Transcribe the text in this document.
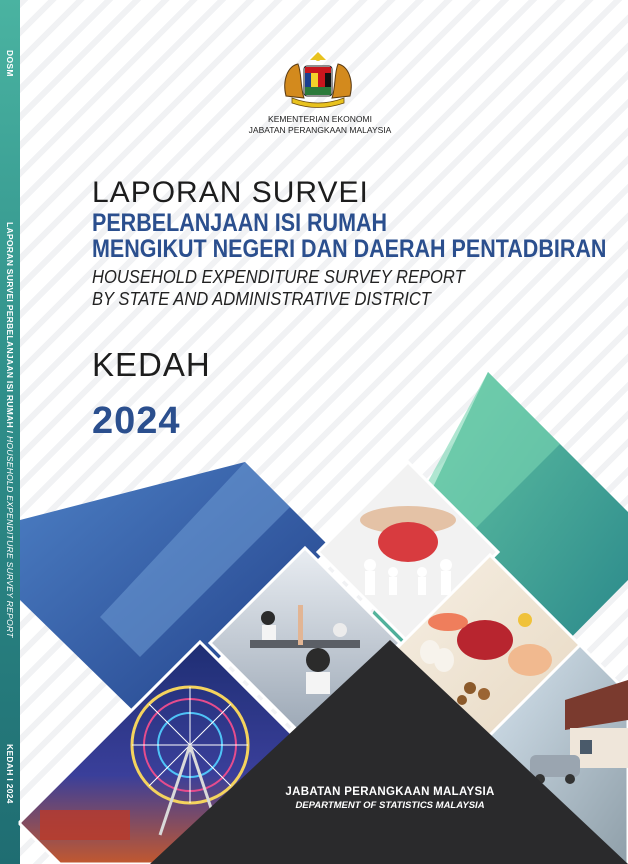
DOSM
LAPORAN SURVEI PERBELANJAAN ISI RUMAH / HOUSEHOLD EXPENDITURE SURVEY REPORT
KEDAH I 2024
KEMENTERIAN EKONOMI
JABATAN PERANGKAAN MALAYSIA
LAPORAN SURVEI
PERBELANJAAN ISI RUMAH
MENGIKUT NEGERI DAN DAERAH PENTADBIRAN
HOUSEHOLD EXPENDITURE SURVEY REPORT
BY STATE AND ADMINISTRATIVE DISTRICT
KEDAH
2024
JABATAN PERANGKAAN MALAYSIA
DEPARTMENT OF STATISTICS MALAYSIA
